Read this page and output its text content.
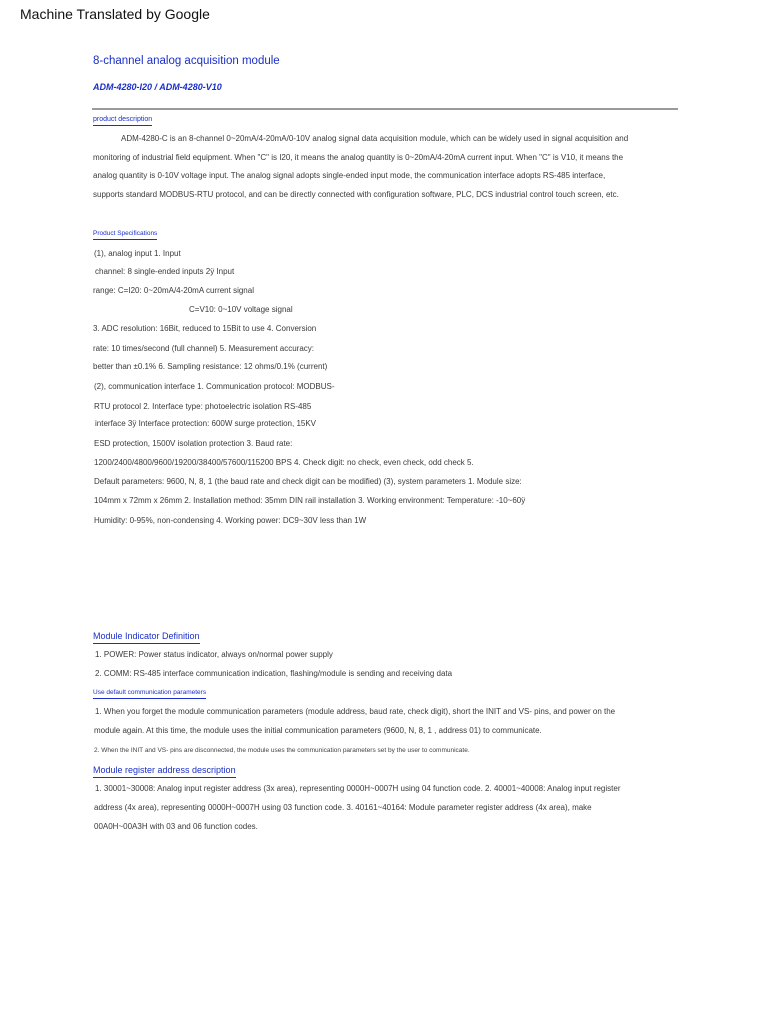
Machine Translated by Google
8-channel analog acquisition module
ADM-4280-I20 / ADM-4280-V10
product description
ADM-4280-C is an 8-channel 0~20mA/4-20mA/0-10V analog signal data acquisition module, which can be widely used in signal acquisition and
monitoring of industrial field equipment. When "C" is I20, it means the analog quantity is 0~20mA/4-20mA current input. When "C" is V10, it means the
analog quantity is 0-10V voltage input. The analog signal adopts single-ended input mode, the communication interface adopts RS-485 interface,
supports standard MODBUS-RTU protocol, and can be directly connected with configuration software, PLC, DCS industrial control touch screen, etc.
Product Specifications
(1), analog input 1. Input
channel: 8 single-ended inputs 2ÿ Input
range: C=I20: 0~20mA/4-20mA current signal
C=V10: 0~10V voltage signal
3. ADC resolution: 16Bit, reduced to 15Bit to use 4. Conversion
rate: 10 times/second (full channel) 5. Measurement accuracy:
better than ±0.1% 6. Sampling resistance: 12 ohms/0.1% (current)
(2), communication interface 1. Communication protocol: MODBUS-
RTU protocol 2. Interface type: photoelectric isolation RS-485
interface 3ÿ Interface protection: 600W surge protection, 15KV
ESD protection, 1500V isolation protection 3. Baud rate:
1200/2400/4800/9600/19200/38400/57600/115200 BPS 4. Check digit: no check, even check, odd check 5.
Default parameters: 9600, N, 8, 1 (the baud rate and check digit can be modified) (3), system parameters 1. Module size:
104mm x 72mm x 26mm 2. Installation method: 35mm DIN rail installation 3. Working environment: Temperature: -10~60ÿ
Humidity: 0-95%, non-condensing 4. Working power: DC9~30V less than 1W
Module Indicator Definition
1. POWER: Power status indicator, always on/normal power supply
2. COMM: RS-485 interface communication indication, flashing/module is sending and receiving data
Use default communication parameters
1. When you forget the module communication parameters (module address, baud rate, check digit), short the INIT and VS- pins, and power on the
module again. At this time, the module uses the initial communication parameters (9600, N, 8, 1 , address 01) to communicate.
2. When the INIT and VS- pins are disconnected, the module uses the communication parameters set by the user to communicate.
Module register address description
1. 30001~30008: Analog input register address (3x area), representing 0000H~0007H using 04 function code. 2. 40001~40008: Analog input register
address (4x area), representing 0000H~0007H using 03 function code. 3. 40161~40164: Module parameter register address (4x area), make
00A0H~00A3H with 03 and 06 function codes.
